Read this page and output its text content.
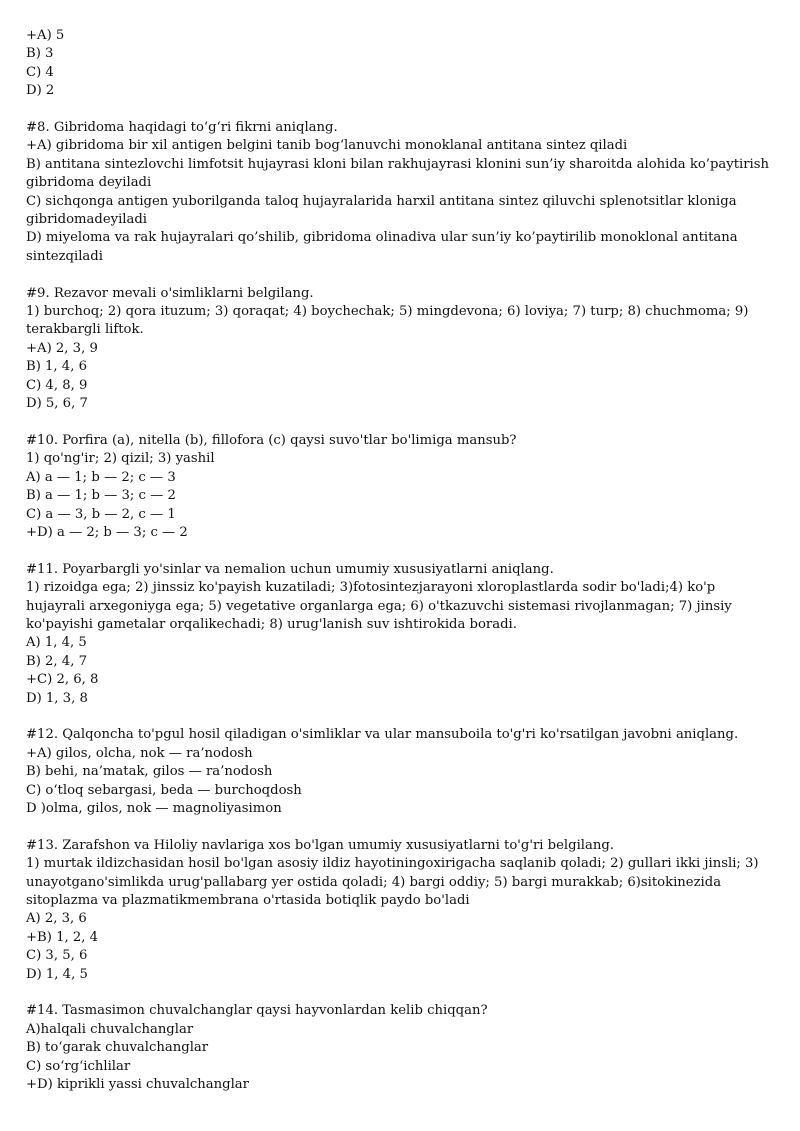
+A) 5
B) 3
C) 4
D) 2
#8. Gibridoma haqidagi to‘g‘ri fikrni aniqlang.
+A) gibridoma bir xil antigen belgini tanib bog‘lanuvchi monoklanal antitana sintez qiladi
B) antitana sintezlovchi limfotsit hujayrasi kloni bilan rakhujayrasi klonini sun’iy sharoitda alohida ko’paytirish gibridoma deyiladi
C) sichqonga antigen yuborilganda taloq hujayralarida harxil antitana sintez qiluvchi splenotsitlar kloniga gibridomadeyiladi
D) miyeloma va rak hujayralari qo’shilib, gibridoma olinadiva ular sun’iy ko’paytirilib monoklonal antitana sintezqiladi
#9. Rezavor mevali o'simliklarni belgilang.
1) burchoq; 2) qora ituzum; 3) qoraqat; 4) boychechak; 5) mingdevona; 6) loviya; 7) turp; 8) chuchmoma; 9) terakbargli liftok.
+A) 2, 3, 9
B) 1, 4, 6
C) 4, 8, 9
D) 5, 6, 7
#10. Porfira (a), nitella (b), fillofora (c) qaysi suvo'tlar bo'limiga mansub?
1) qo'ng'ir; 2) qizil; 3) yashil
A) a — 1; b — 2; c — 3
B) a — 1; b — 3; c — 2
C) a — 3, b — 2, c — 1
+D) a — 2; b — 3; c — 2
#11. Poyarbargli yo'sinlar va nemalion uchun umumiy xususiyatlarni aniqlang.
1) rizoidga ega; 2) jinssiz ko'payish kuzatiladi; 3)fotosintezjarayoni xloroplastlarda sodir bo'ladi;4) ko'p hujayrali arxegoniyga ega; 5) vegetative organlarga ega; 6) o'tkazuvchi sistemasi rivojlanmagan; 7) jinsiy ko'payishi gametalar orqalikechadi; 8) urug'lanish suv ishtirokida boradi.
A) 1, 4, 5
B) 2, 4, 7
+C) 2, 6, 8
D) 1, 3, 8
#12. Qalqoncha to'pgul hosil qiladigan o'simliklar va ular mansuboila to'g'ri ko'rsatilgan javobni aniqlang.
+A) gilos, olcha, nok — ra’nodosh
B) behi, na’matak, gilos — ra’nodosh
C) o‘tloq sebargasi, beda — burchoqdosh
D )olma, gilos, nok — magnoliyasimon
#13. Zarafshon va Hiloliy navlariga xos bo'lgan umumiy xususiyatlarni to'g'ri belgilang.
1) murtak ildizchasidan hosil bo'lgan asosiy ildiz hayotiningoxirigacha saqlanib qoladi; 2) gullari ikki jinsli; 3) unayotgano'simlikda urug'pallabarg yer ostida qoladi; 4) bargi oddiy; 5) bargi murakkab; 6)sitokinezida sitoplazma va plazmatikmembrana o'rtasida botiqlik paydo bo'ladi
A) 2, 3, 6
+B) 1, 2, 4
C) 3, 5, 6
D) 1, 4, 5
#14. Tasmasimon chuvalchanglar qaysi hayvonlardan kelib chiqqan?
A)halqali chuvalchanglar
B) to‘garak chuvalchanglar
C) so‘rg‘ichlilar
+D) kiprikli yassi chuvalchanglar
